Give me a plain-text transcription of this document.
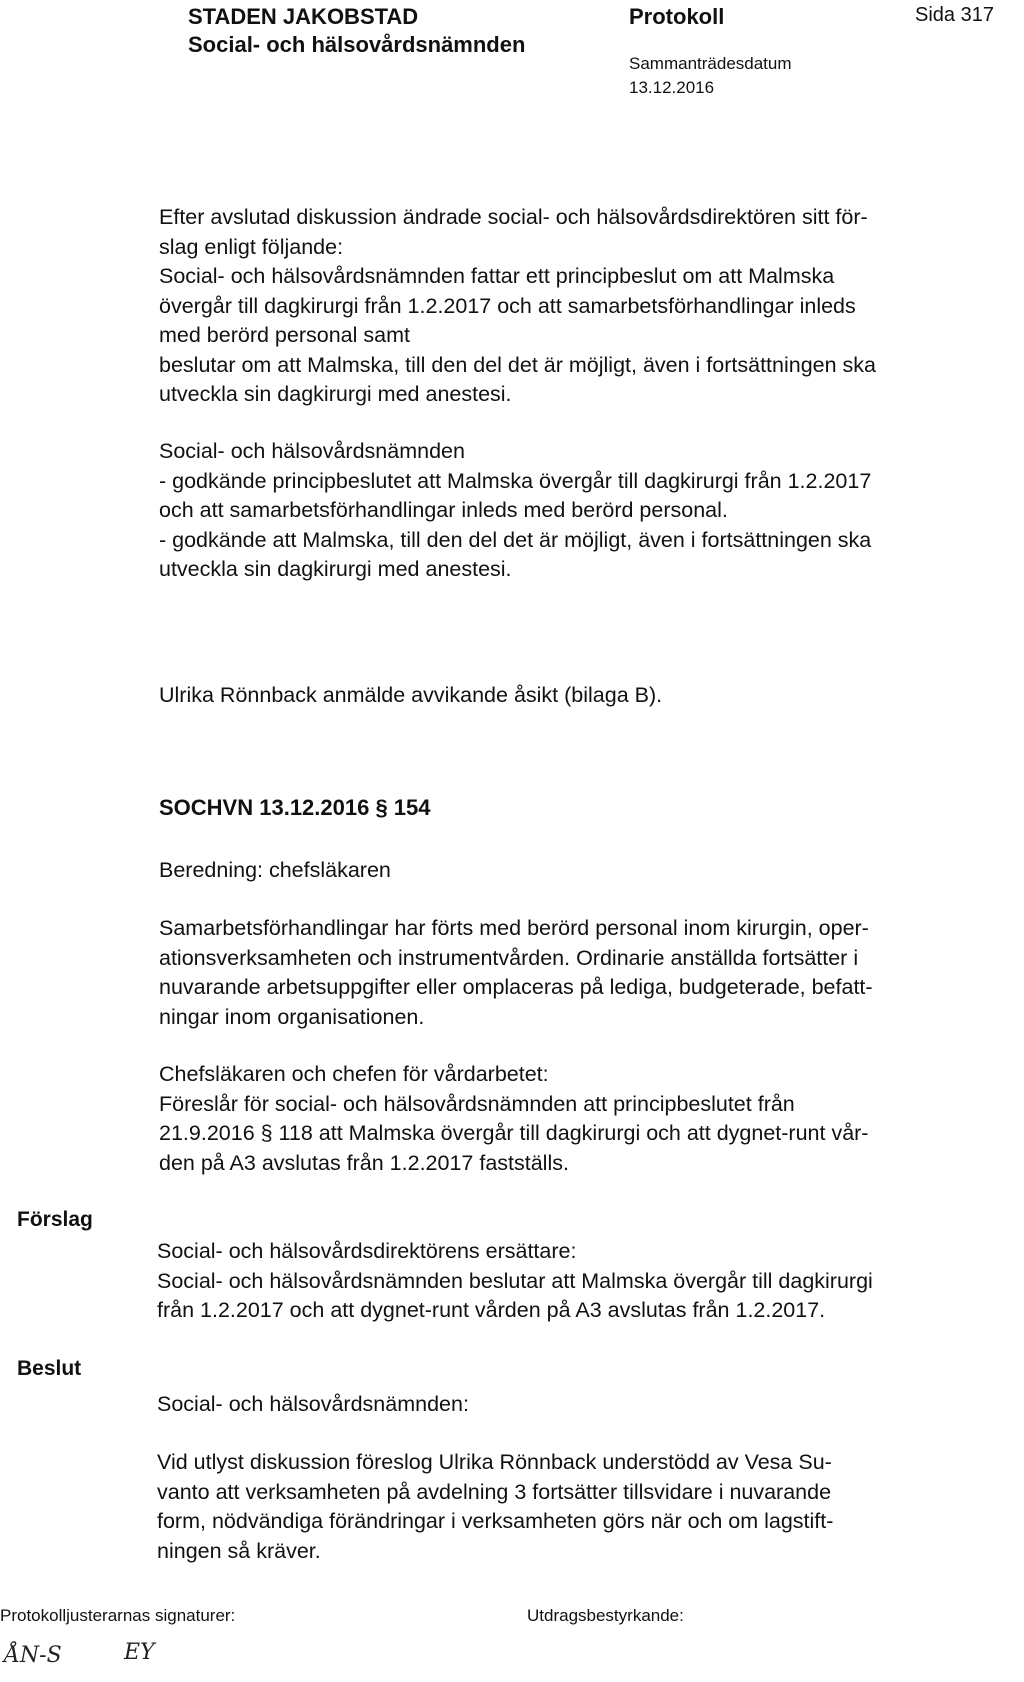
STADEN JAKOBSTAD
Social- och hälsovårdsnämnden
Protokoll	Sida 317
Sammanträdesdatum
13.12.2016
Efter avslutad diskussion ändrade social- och hälsovårdsdirektören sitt för-
slag enligt följande:
Social- och hälsovårdsnämnden fattar ett principbeslut om att Malmska
övergår till dagkirurgi från 1.2.2017 och att samarbetsförhandlingar inleds
med berörd personal samt
beslutar om att Malmska, till den del det är möjligt, även i fortsättningen ska
utveckla sin dagkirurgi med anestesi.
Social- och hälsovårdsnämnden
- godkände principbeslutet att Malmska övergår till dagkirurgi från 1.2.2017
och att samarbetsförhandlingar inleds med berörd personal.
- godkände att Malmska, till den del det är möjligt, även i fortsättningen ska
utveckla sin dagkirurgi med anestesi.
Ulrika Rönnback anmälde avvikande åsikt (bilaga B).
SOCHVN 13.12.2016 § 154
Beredning: chefsläkaren
Samarbetsförhandlingar har förts med berörd personal inom kirurgin, oper-
ationsverksamheten och instrumentvården. Ordinarie anställda fortsätter i
nuvarande arbetsuppgifter eller omplaceras på lediga, budgeterade, befatt-
ningar inom organisationen.
Chefsläkaren och chefen för vårdarbetet:
Föreslår för social- och hälsovårdsnämnden att principbeslutet från
21.9.2016 § 118 att Malmska övergår till dagkirurgi och att dygnet-runt vår-
den på A3 avslutas från 1.2.2017 fastställs.
Förslag
Social- och hälsovårdsdirektörens ersättare:
Social- och hälsovårdsnämnden beslutar att Malmska övergår till dagkirurgi
från 1.2.2017 och att dygnet-runt vården på A3 avslutas från 1.2.2017.
Beslut
Social- och hälsovårdsnämnden:
Vid utlyst diskussion föreslog Ulrika Rönnback understödd av Vesa Su-
vanto att verksamheten på avdelning 3 fortsätter tillsvidare i nuvarande
form, nödvändiga förändringar i verksamheten görs när och om lagstift-
ningen så kräver.
Protokolljusterarnas signaturer:	Utdragsbestyrkande:
ÅN-S	EY
